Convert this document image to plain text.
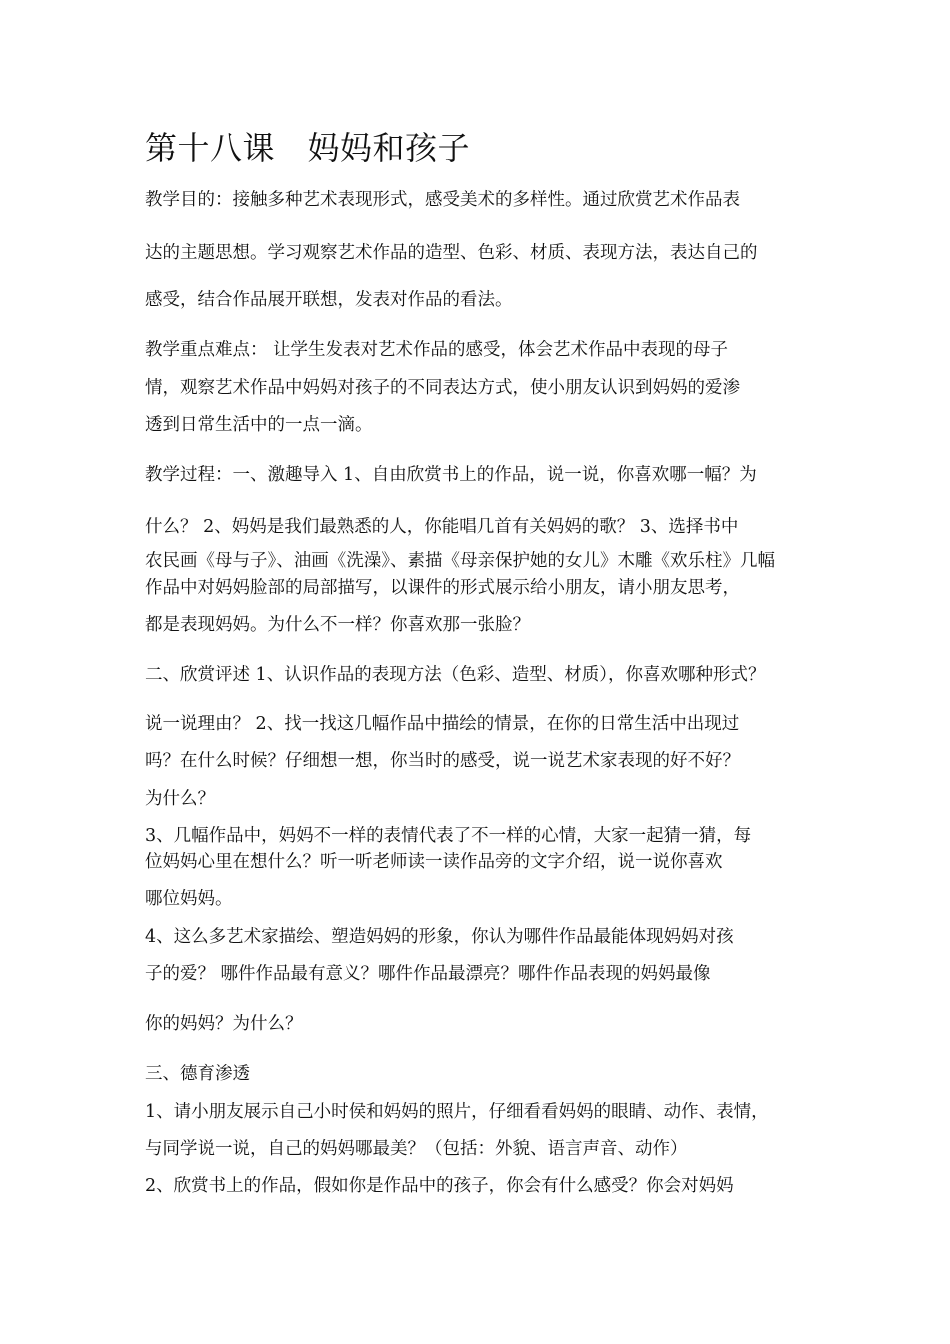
第十八课　妈妈和孩子
教学目的：接触多种艺术表现形式，感受美术的多样性。通过欣赏艺术作品表
达的主题思想。学习观察艺术作品的造型、色彩、材质、表现方法，表达自己的
感受，结合作品展开联想，发表对作品的看法。
教学重点难点： 让学生发表对艺术作品的感受，体会艺术作品中表现的母子
情，观察艺术作品中妈妈对孩子的不同表达方式，使小朋友认识到妈妈的爱渗
透到日常生活中的一点一滴。
教学过程：一、激趣导入 1、自由欣赏书上的作品，说一说，你喜欢哪一幅？为
什么？ 2、妈妈是我们最熟悉的人，你能唱几首有关妈妈的歌？ 3、选择书中
农民画《母与子》、油画《洗澡》、素描《母亲保护她的女儿》木雕《欢乐柱》几幅
作品中对妈妈脸部的局部描写，以课件的形式展示给小朋友，请小朋友思考，
都是表现妈妈。为什么不一样？你喜欢那一张脸？
二、欣赏评述 1、认识作品的表现方法（色彩、造型、材质），你喜欢哪种形式？
说一说理由？ 2、找一找这几幅作品中描绘的情景，在你的日常生活中出现过
吗？在什么时候？仔细想一想，你当时的感受，说一说艺术家表现的好不好？
为什么？
3、几幅作品中，妈妈不一样的表情代表了不一样的心情，大家一起猜一猜，每
位妈妈心里在想什么？听一听老师读一读作品旁的文字介绍，说一说你喜欢
哪位妈妈。
4、这么多艺术家描绘、塑造妈妈的形象，你认为哪件作品最能体现妈妈对孩
子的爱？ 哪件作品最有意义？哪件作品最漂亮？哪件作品表现的妈妈最像
你的妈妈？为什么？
三、德育渗透
1、请小朋友展示自己小时侯和妈妈的照片，仔细看看妈妈的眼睛、动作、表情，
与同学说一说，自己的妈妈哪最美？（包括：外貌、语言声音、动作）
2、欣赏书上的作品，假如你是作品中的孩子，你会有什么感受？你会对妈妈
